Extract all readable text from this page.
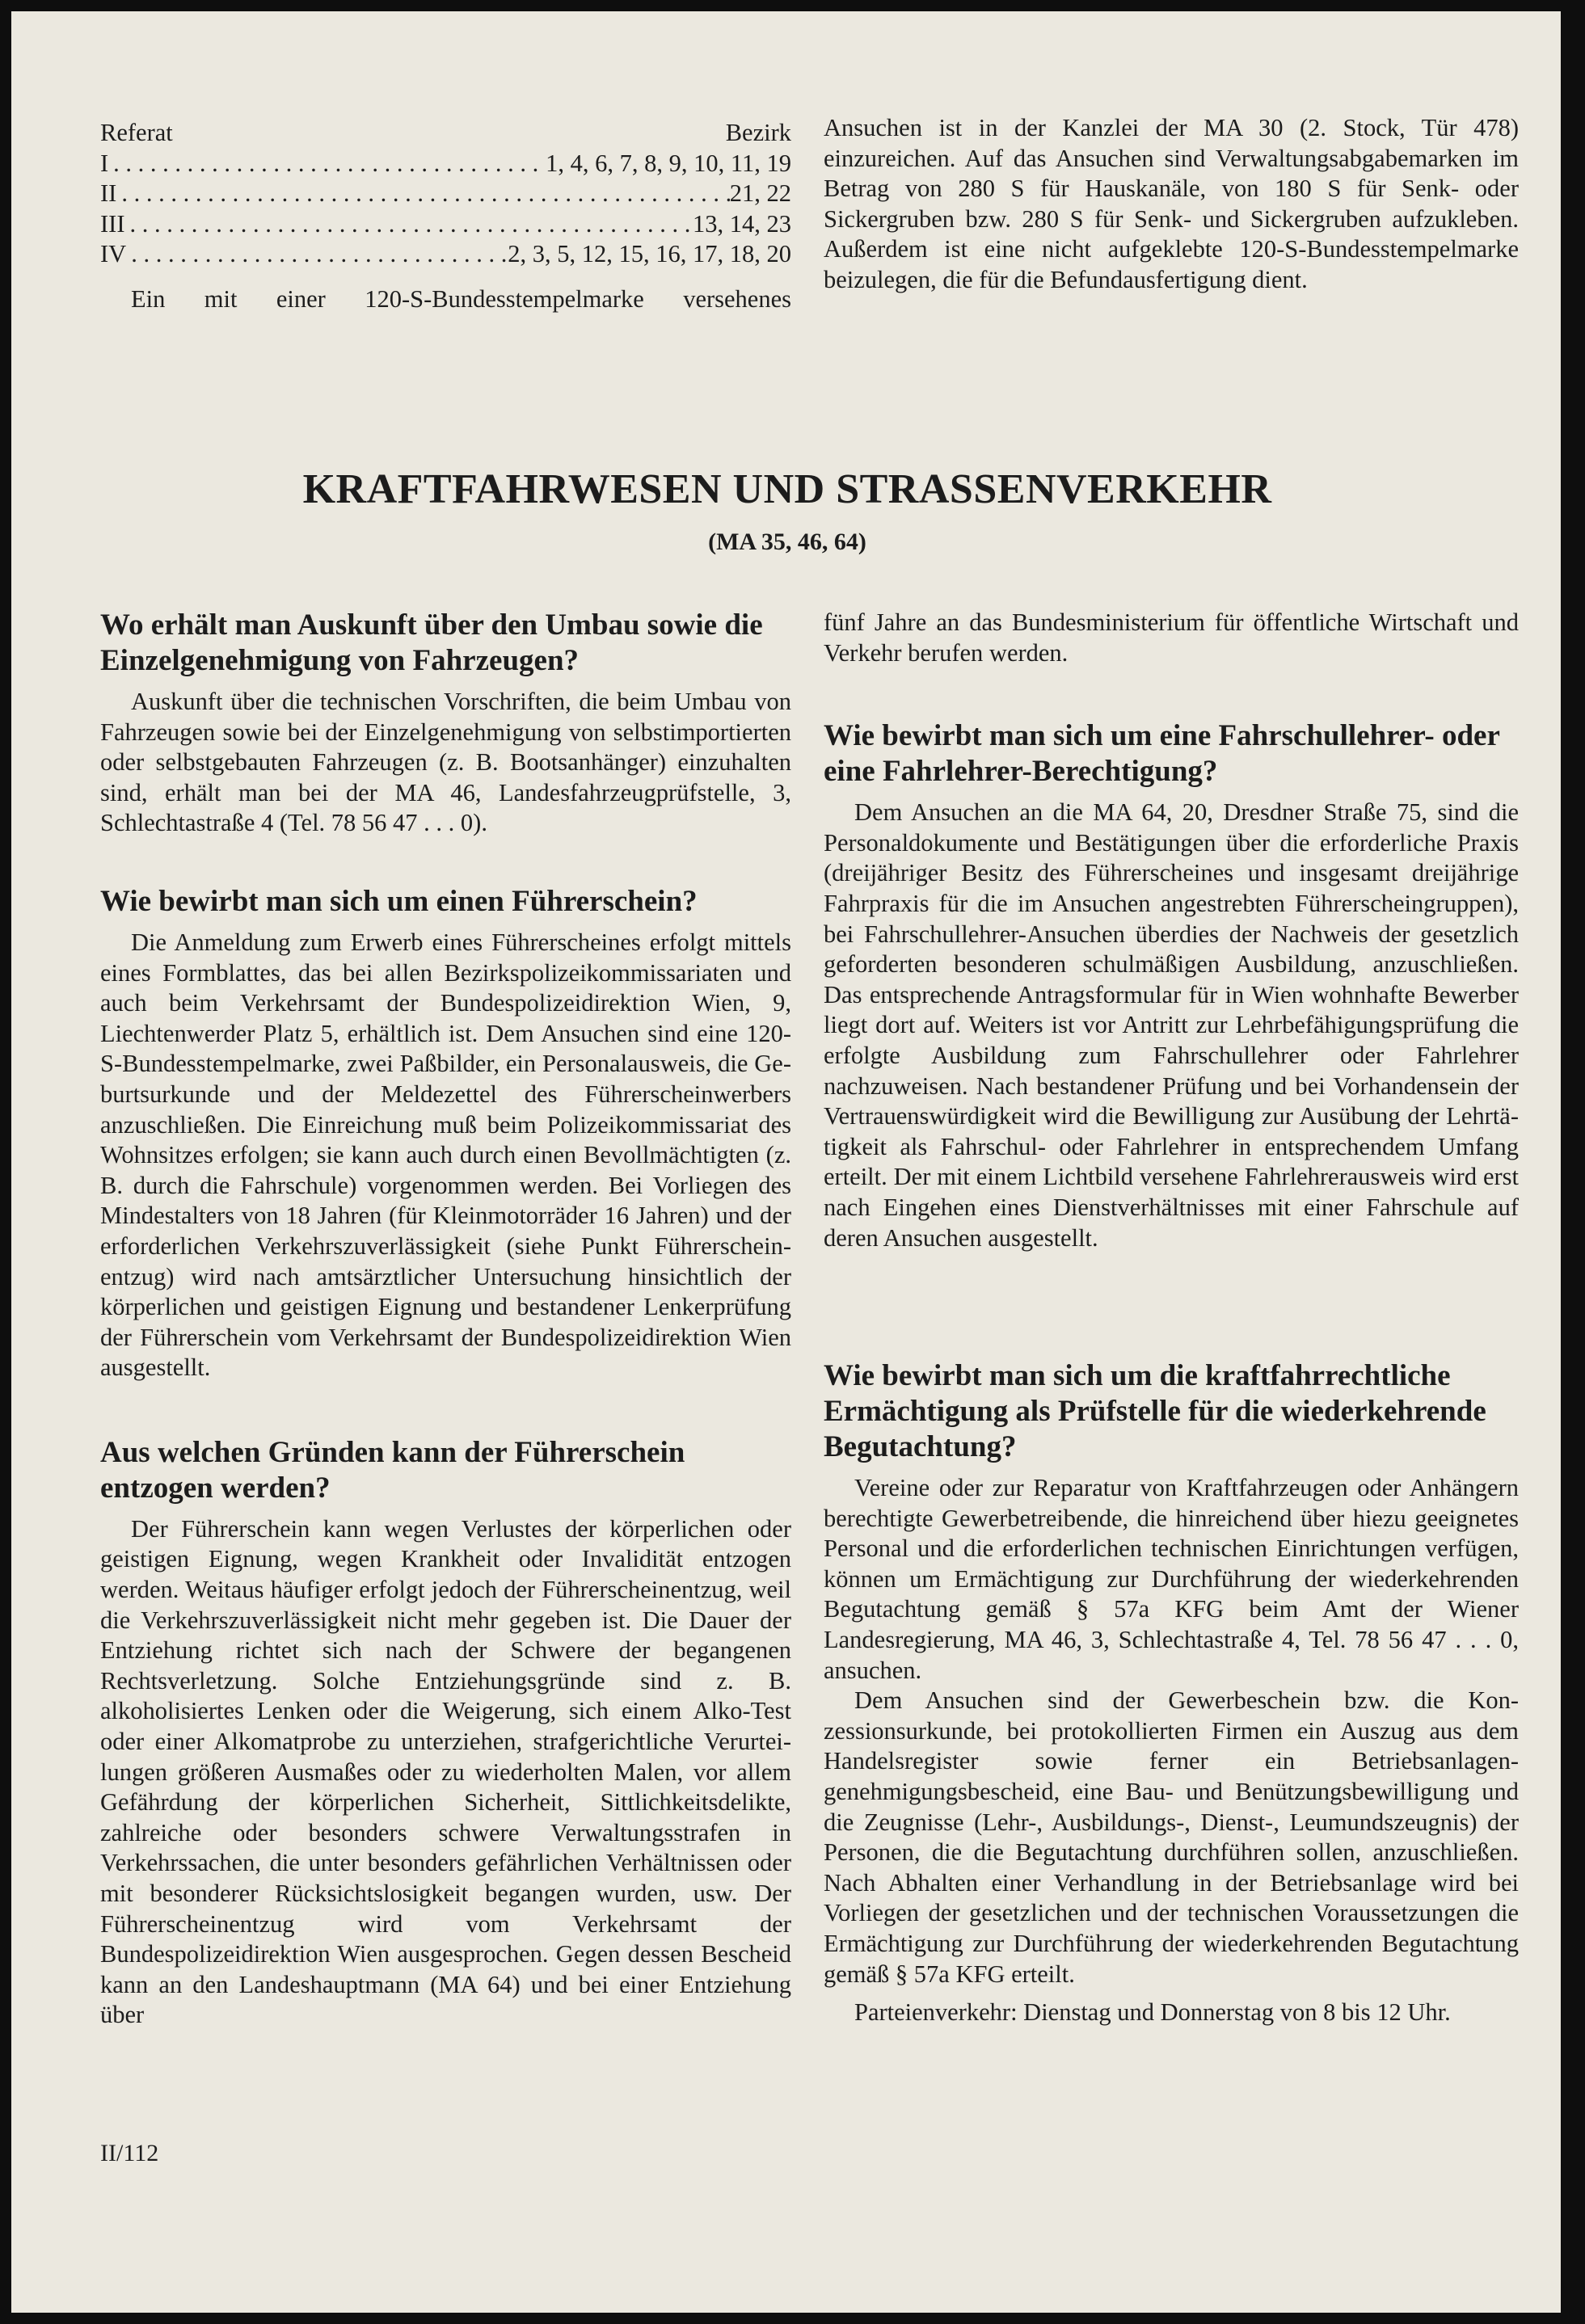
Referat	Bezirk
I . . .	1, 4, 6, 7, 8, 9, 10, 11, 19
II . . .	21, 22
III . . .	13, 14, 23
IV . . .	2, 3, 5, 12, 15, 16, 17, 18, 20

Ein mit einer 120-S-Bundesstempelmarke versehenes

Ansuchen ist in der Kanzlei der MA 30 (2. Stock, Tür 478) einzureichen. Auf das Ansuchen sind Verwaltungsabgabemarken im Betrag von 280 S für Hauskanäle, von 180 S für Senk- oder Sickergruben bzw. 280 S für Senk- und Sickergruben aufzukleben. Außerdem ist eine nicht aufgeklebte 120-S-Bundesstempelmarke beizulegen, die für die Befundausfertigung dient.

KRAFTFAHRWESEN UND STRASSENVERKEHR
(MA 35, 46, 64)
Wo erhält man Auskunft über den Umbau sowie die Einzelgenehmigung von Fahrzeugen?

Auskunft über die technischen Vorschriften, die beim Umbau von Fahrzeugen sowie bei der Einzelgenehmigung von selbstimportierten oder selbstgebauten Fahrzeugen (z. B. Bootsanhänger) einzuhalten sind, erhält man bei der MA 46, Landesfahrzeugprüfstelle, 3, Schlechtastraße 4 (Tel. 78 56 47 . . . 0).

Wie bewirbt man sich um einen Führerschein?

Die Anmeldung zum Erwerb eines Führerscheines erfolgt mittels eines Formblattes, das bei allen Bezirkspolizeikommissariaten und auch beim Verkehrsamt der Bundespolizeidirektion Wien, 9, Liechtenwerder Platz 5, erhältlich ist. Dem Ansuchen sind eine 120-S-Bundesstempelmarke, zwei Paßbilder, ein Personalausweis, die Geburtsurkunde und der Meldezettel des Führerscheinwerbers anzuschließen. Die Einreichung muß beim Polizeikommissariat des Wohnsitzes erfolgen; sie kann auch durch einen Bevollmächtigten (z. B. durch die Fahrschule) vorgenommen werden. Bei Vorliegen des Mindestalters von 18 Jahren (für Kleinmotorräder 16 Jahren) und der erforderlichen Verkehrszuverlässigkeit (siehe Punkt Führerscheinentzug) wird nach amtsärztlicher Untersuchung hinsichtlich der körperlichen und geistigen Eignung und bestandener Lenkerprüfung der Führerschein vom Verkehrsamt der Bundespolizeidirektion Wien ausgestellt.

Aus welchen Gründen kann der Führerschein entzogen werden?

Der Führerschein kann wegen Verlustes der körperlichen oder geistigen Eignung, wegen Krankheit oder Invalidität entzogen werden. Weitaus häufiger erfolgt jedoch der Führerscheinentzug, weil die Verkehrszuverlässigkeit nicht mehr gegeben ist. Die Dauer der Entziehung richtet sich nach der Schwere der begangenen Rechtsverletzung. Solche Entziehungsgründe sind z. B. alkoholisiertes Lenken oder die Weigerung, sich einem Alko-Test oder einer Alkomatprobe zu unterziehen, strafgerichtliche Verurteilungen größeren Ausmaßes oder zu wiederholten Malen, vor allem Gefährdung der körperlichen Sicherheit, Sittlichkeitsdelikte, zahlreiche oder besonders schwere Verwaltungsstrafen in Verkehrssachen, die unter besonders gefährlichen Verhältnissen oder mit besonderer Rücksichtslosigkeit begangen wurden, usw. Der Führerscheinentzug wird vom Verkehrsamt der Bundespolizeidirektion Wien ausgesprochen. Gegen dessen Bescheid kann an den Landeshauptmann (MA 64) und bei einer Entziehung über

fünf Jahre an das Bundesministerium für öffentliche Wirtschaft und Verkehr berufen werden.

Wie bewirbt man sich um eine Fahrschullehrer- oder eine Fahrlehrer-Berechtigung?

Dem Ansuchen an die MA 64, 20, Dresdner Straße 75, sind die Personaldokumente und Bestätigungen über die erforderliche Praxis (dreijähriger Besitz des Führerscheines und insgesamt dreijährige Fahrpraxis für die im Ansuchen angestrebten Führerscheingruppen), bei Fahrschullehrer-Ansuchen überdies der Nachweis der gesetzlich geforderten besonderen schulmäßigen Ausbildung, anzuschließen. Das entsprechende Antragsformular für in Wien wohnhafte Bewerber liegt dort auf. Weiters ist vor Antritt zur Lehrbefähigungsprüfung die erfolgte Ausbildung zum Fahrschullehrer oder Fahrlehrer nachzuweisen. Nach bestandener Prüfung und bei Vorhandensein der Vertrauenswürdigkeit wird die Bewilligung zur Ausübung der Lehrtätigkeit als Fahrschul- oder Fahrlehrer in entsprechendem Umfang erteilt. Der mit einem Lichtbild versehene Fahrlehrerausweis wird erst nach Eingehen eines Dienstverhältnisses mit einer Fahrschule auf deren Ansuchen ausgestellt.

Wie bewirbt man sich um die kraftfahrrechtliche Ermächtigung als Prüfstelle für die wiederkehrende Begutachtung?

Vereine oder zur Reparatur von Kraftfahrzeugen oder Anhängern berechtigte Gewerbetreibende, die hinreichend über hiezu geeignetes Personal und die erforderlichen technischen Einrichtungen verfügen, können um Ermächtigung zur Durchführung der wiederkehrenden Begutachtung gemäß § 57a KFG beim Amt der Wiener Landesregierung, MA 46, 3, Schlechtastraße 4, Tel. 78 56 47 . . . 0, ansuchen.

Dem Ansuchen sind der Gewerbeschein bzw. die Konzessionsurkunde, bei protokollierten Firmen ein Auszug aus dem Handelsregister sowie ferner ein Betriebsanlagengenehmigungsbescheid, eine Bau- und Benützungsbewilligung und die Zeugnisse (Lehr-, Ausbildungs-, Dienst-, Leumundszeugnis) der Personen, die die Begutachtung durchführen sollen, anzuschließen. Nach Abhalten einer Verhandlung in der Betriebsanlage wird bei Vorliegen der gesetzlichen und der technischen Voraussetzungen die Ermächtigung zur Durchführung der wiederkehrenden Begutachtung gemäß § 57a KFG erteilt.

Parteienverkehr: Dienstag und Donnerstag von 8 bis 12 Uhr.

II/112
